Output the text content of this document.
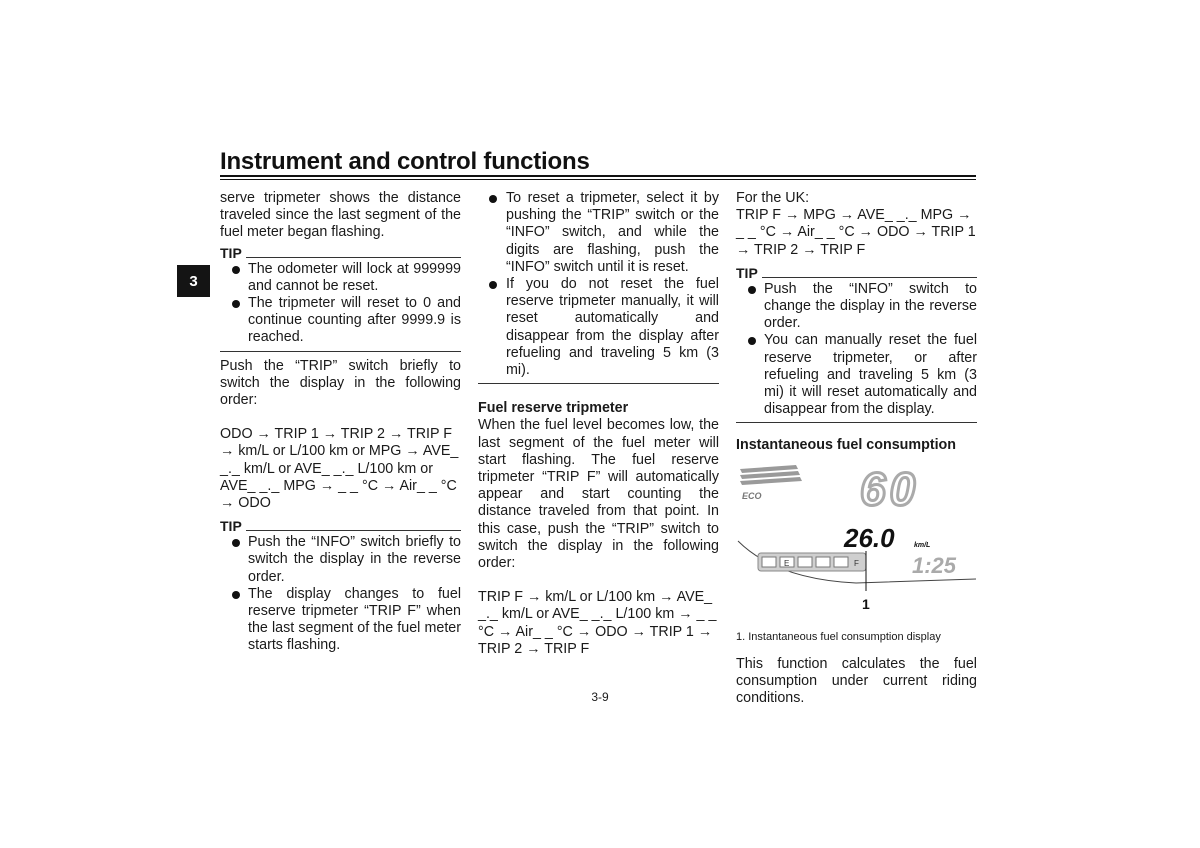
Instrument and control functions
3

serve tripmeter shows the distance traveled since the last segment of the fuel meter began flashing.

TIP
The odometer will lock at 999999 and cannot be reset.
The tripmeter will reset to 0 and continue counting after 9999.9 is reached.

Push the “TRIP” switch briefly to switch the display in the following order:

ODO → TRIP 1 → TRIP 2 → TRIP F → km/L or L/100 km or MPG → AVE_ _._ km/L or AVE_ _._ L/100 km or AVE_ _._ MPG → _ _ °C → Air_ _ °C → ODO

TIP
Push the “INFO” switch briefly to switch the display in the reverse order.
The display changes to fuel reserve tripmeter “TRIP F” when the last segment of the fuel meter starts flashing.
To reset a tripmeter, select it by pushing the “TRIP” switch or the “INFO” switch, and while the digits are flashing, push the “INFO” switch until it is reset.
If you do not reset the fuel reserve tripmeter manually, it will reset automatically and disappear from the display after refueling and traveling 5 km (3 mi).

Fuel reserve tripmeter

When the fuel level becomes low, the last segment of the fuel meter will start flashing. The fuel reserve tripmeter “TRIP F” will automatically appear and start counting the distance traveled from that point. In this case, push the “TRIP” switch to switch the display in the following order:

TRIP F → km/L or L/100 km → AVE_ _._ km/L or AVE_ _._ L/100 km → _ _ °C → Air_ _ °C → ODO → TRIP 1 → TRIP 2 → TRIP F

For the UK:

TRIP F → MPG → AVE_ _._ MPG → _ _ °C → Air_ _ °C → ODO → TRIP 1 → TRIP 2 → TRIP F

TIP
Push the “INFO” switch to change the display in the reverse order.
You can manually reset the fuel reserve tripmeter, or after refueling and traveling 5 km (3 mi) it will reset automatically and disappear from the display.

Instantaneous fuel consumption

ECO 60
26.0	km/L
E	F 1:25
1

1. Instantaneous fuel consumption display

This function calculates the fuel consumption under current riding conditions.

3-9
